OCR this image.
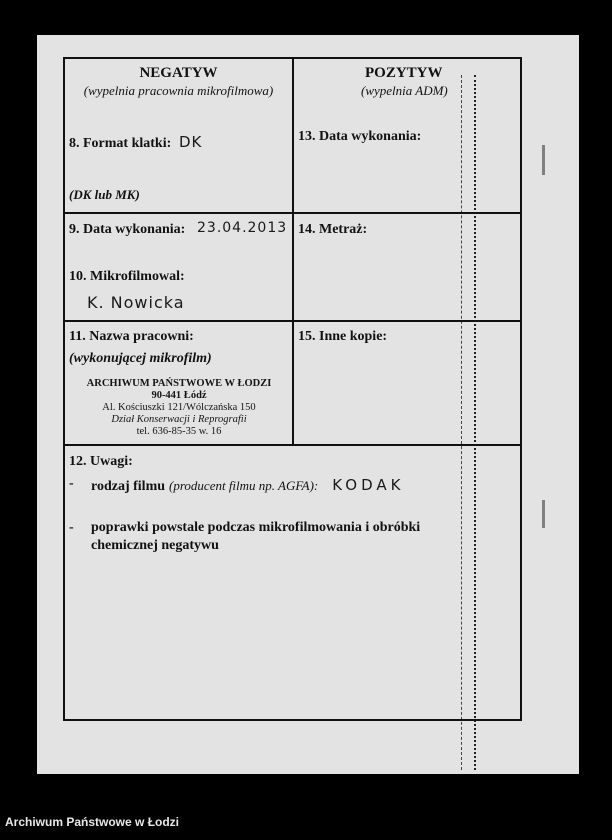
NEGATYW
(wypelnia pracownia mikrofilmowa)
8. Format klatki: DK
(DK lub MK)
9. Data wykonania: 23.04.2013
10. Mikrofilmowal:
K. Nowicka
11. Nazwa pracowni:
(wykonującej mikrofilm)
ARCHIWUM PAŃSTWOWE W ŁODZI
90-441 Łódź
Al. Kościuszki 121/Wólczańska 150
Dział Konserwacji i Reprografii
tel. 636-85-35 w. 16
POZYTYW
(wypelnia ADM)
13. Data wykonania:
14. Metraż:
15. Inne kopie:
12. Uwagi:
- rodzaj filmu (producent filmu np. AGFA): KODAK
- poprawki powstale podczas mikrofilmowania i obróbki
chemicznej negatywu
Archiwum Państwowe w Łodzi
